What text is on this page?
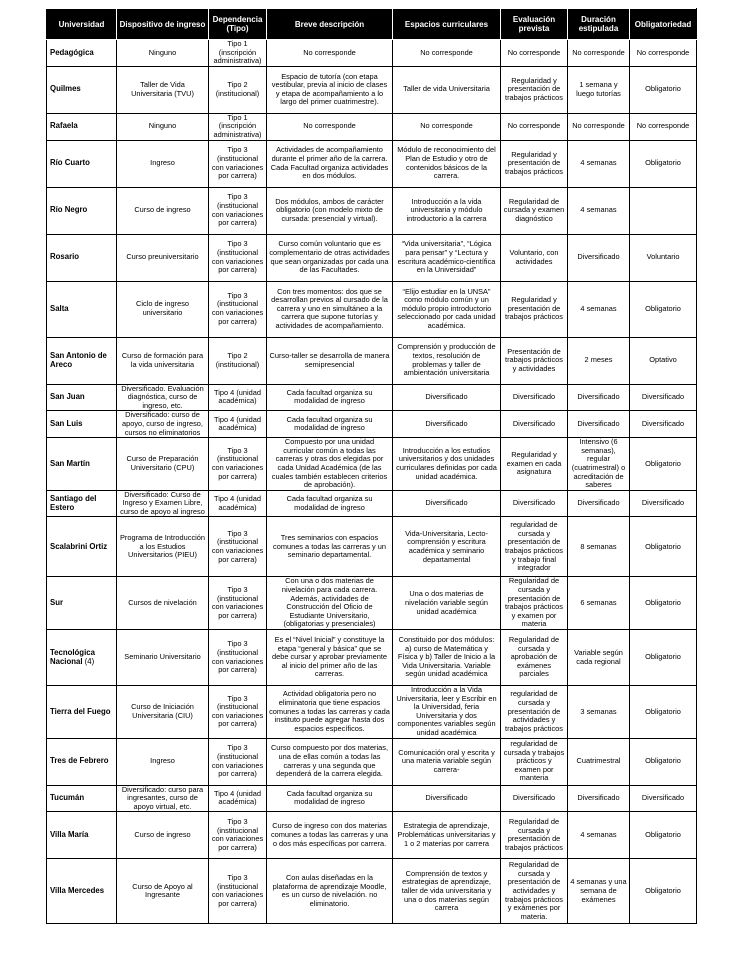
Universidad	Dispositivo de ingreso	Dependencia (Tipo)	Breve descripción	Espacios curriculares	Evaluación prevista	Duración estipulada	Obligatoriedad
Pedagógica	Ninguno	Tipo 1 (inscripción administrativa)	No corresponde	No corresponde	No corresponde	No corresponde	No corresponde
Quilmes	Taller de Vida Universitaria (TVU)	Tipo 2 (institucional)	Espacio de tutoría (con etapa vestibular, previa al inicio de clases y etapa de acompañamiento a lo largo del primer cuatrimestre).	Taller de vida Universitaria	Regularidad y presentación de trabajos prácticos	1 semana y luego tutorías	Obligatorio
Rafaela	Ninguno	Tipo 1 (inscripción administrativa)	No corresponde	No corresponde	No corresponde	No corresponde	No corresponde
Río Cuarto	Ingreso	Tipo 3 (institucional con variaciones por carrera)	Actividades de acompañamiento durante el primer año de la carrera. Cada Facultad organiza actividades en dos módulos.	Módulo de reconocimiento del Plan de Estudio y otro de contenidos básicos de la carrera.	Regularidad y presentación de trabajos prácticos	4 semanas	Obligatorio
Río Negro	Curso de ingreso	Tipo 3 (institucional con variaciones por carrera)	Dos módulos, ambos de carácter obligatorio (con modelo mixto de cursada: presencial y virtual).	Introducción a la vida universitaria y módulo introductorio a la carrera	Regularidad de cursada y examen diagnóstico	4 semanas	
Rosario	Curso preuniversitario	Tipo 3 (institucional con variaciones por carrera)	Curso común voluntario que es complementario de otras actividades que sean organizadas por cada una de las Facultades.	“Vida universitaria”, “Lógica para pensar” y “Lectura y escritura académico-científica en la Universidad”	Voluntario, con actividades	Diversificado	Voluntario
Salta	Ciclo de ingreso universitario	Tipo 3 (institucional con variaciones por carrera)	Con tres momentos: dos que se desarrollan previos al cursado de la carrera y uno en simultáneo a la carrera que supone tutorías y actividades de acompañamiento.	“Elijo estudiar en la UNSA” como módulo común y un módulo propio introductorio seleccionado por cada unidad académica.	Regularidad y presentación de trabajos prácticos	4 semanas	Obligatorio
San Antonio de Areco	Curso de formación para la vida universitaria	Tipo 2 (institucional)	Curso-taller se desarrolla de manera semipresencial	Comprensión y producción de textos, resolución de problemas y taller de ambientación universitaria	Presentación de trabajos prácticos y actividades	2 meses	Optativo
San Juan	Diversificado. Evaluación diagnóstica, curso de ingreso, etc.	Tipo 4 (unidad académica)	Cada facultad organiza su modalidad de ingreso	Diversificado	Diversificado	Diversificado	Diversificado
San Luis	Diversificado: curso de apoyo, curso de ingreso, cursos no eliminatorios	Tipo 4 (unidad académica)	Cada facultad organiza su modalidad de ingreso	Diversificado	Diversificado	Diversificado	Diversificado
San Martín	Curso de Preparación Universitario (CPU)	Tipo 3 (institucional con variaciones por carrera)	Compuesto por una unidad curricular común a todas las carreras y otras dos elegidas por cada Unidad Académica (de las cuales también establecen criterios de aprobación).	Introducción a los estudios universitarios y dos unidades curriculares definidas por cada unidad académica.	Regularidad y examen en cada asignatura	Intensivo (6 semanas), regular (cuatrimestral) o acreditación de saberes	Obligatorio
Santiago del Estero	Diversificado: Curso de Ingreso y Examen Libre, curso de apoyo al ingreso	Tipo 4 (unidad académica)	Cada facultad organiza su modalidad de ingreso	Diversificado	Diversificado	Diversificado	Diversificado
Scalabrini Ortiz	Programa de Introducción a los Estudios Universitarios (PIEU)	Tipo 3 (institucional con variaciones por carrera)	Tres seminarios con espacios comunes a todas las carreras y un seminario departamental.	Vida-Universitaria, Lecto-comprensión y escritura académica y seminario departamental	regularidad de cursada y presentación de trabajos prácticos y trabajo final integrador	8 semanas	Obligatorio
Sur	Cursos de nivelación	Tipo 3 (institucional con variaciones por carrera)	Con una o dos materias de nivelación para cada carrera. Además, actividades de Construcción del Oficio de Estudiante Universitario, (obligatorias y presenciales)	Una o dos materias de nivelación variable según unidad académica	Regularidad de cursada y presentación de trabajos prácticos y examen por materia	6 semanas	Obligatorio
Tecnológica Nacional (4)	Seminario Universitario	Tipo 3 (institucional con variaciones por carrera)	Es el “Nivel Inicial” y constituye la etapa “general y básica” que se debe cursar y aprobar previamente al inicio del primer año de las carreras.	Constituido por dos módulos: a) curso de Matemática y Física y b) Taller de Inicio a la Vida Universitaria. Variable según unidad académica	Regularidad de cursada y aprobación de exámenes parciales	Variable según cada regional	Obligatorio
Tierra del Fuego	Curso de Iniciación Universitaria (CIU)	Tipo 3 (institucional con variaciones por carrera)	Actividad obligatoria pero no eliminatoria que tiene espacios comunes a todas las carreras y cada instituto puede agregar hasta dos espacios específicos.	Introducción a la Vida Universitaria, leer y Escribir en la Universidad, feria Universitaria y dos componentes variables según unidad académica	regularidad de cursada y presentación de actividades y trabajos prácticos	3 semanas	Obligatorio
Tres de Febrero	Ingreso	Tipo 3 (institucional con variaciones por carrera)	Curso compuesto por dos materias, una de ellas común a todas las carreras y una segunda que dependerá de la carrera elegida.	Comunicación oral y escrita y una materia variable según carrera-	regularidad de cursada y trabajos prácticos y examen por manteria	Cuatrimestral	Obligatorio
Tucumán	Diversificado: curso para ingresantes, curso de apoyo virtual, etc.	Tipo 4 (unidad académica)	Cada facultad organiza su modalidad de ingreso	Diversificado	Diversificado	Diversificado	Diversificado
Villa María	Curso de ingreso	Tipo 3 (institucional con variaciones por carrera)	Curso de ingreso con dos materias comunes a todas las carreras y una o dos más específicas por carrera.	Estrategia de aprendizaje, Problemáticas universitarias y 1 o 2 materias por carrera	Regularidad de cursada y presentación de trabajos prácticos	4 semanas	Obligatorio
Villa Mercedes	Curso de Apoyo al Ingresante	Tipo 3 (institucional con variaciones por carrera)	Con aulas diseñadas en la plataforma de aprendizaje Moodle, es un curso de nivelación. no eliminatorio.	Comprensión de textos y estrategias de aprendizaje, taller de vida universitaria y una o dos materias según carrera	Regularidad de cursada y presentación de actividades y trabajos prácticos y exámenes por materia.	4 semanas y una semana de exámenes	Obligatorio
